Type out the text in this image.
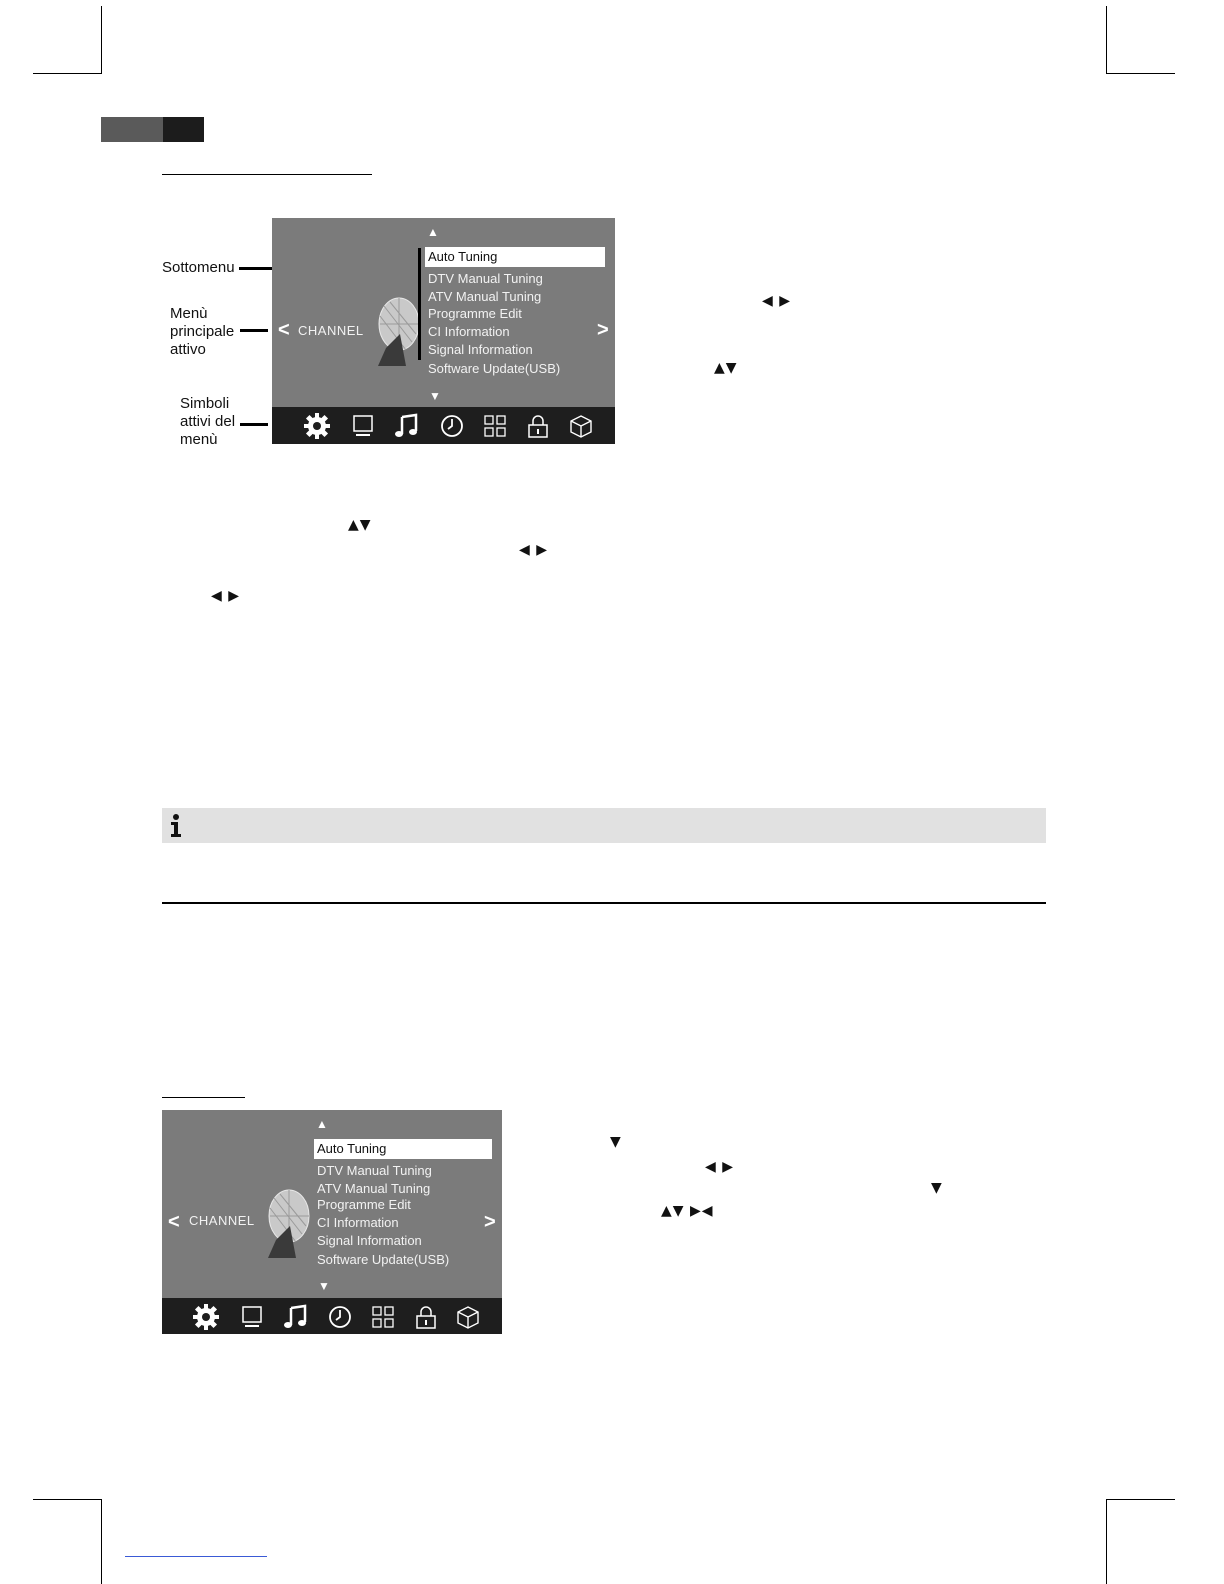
Sottomenu
Menù
principale
attivo
Simboli
attivi del
menù
▲
▼
<	>
CHANNEL
Auto Tuning
DTV Manual Tuning
ATV Manual Tuning
Programme Edit
CI Information
Signal Information
Software Update(USB)
◀ ▶
▲▼
▲▼
◀ ▶
◀ ▶
▲
▼
<	>
CHANNEL
Auto Tuning
DTV Manual Tuning
ATV Manual Tuning
Programme Edit
CI Information
Signal Information
Software Update(USB)
▼
◀ ▶
▼
▲▼ ▶◀
